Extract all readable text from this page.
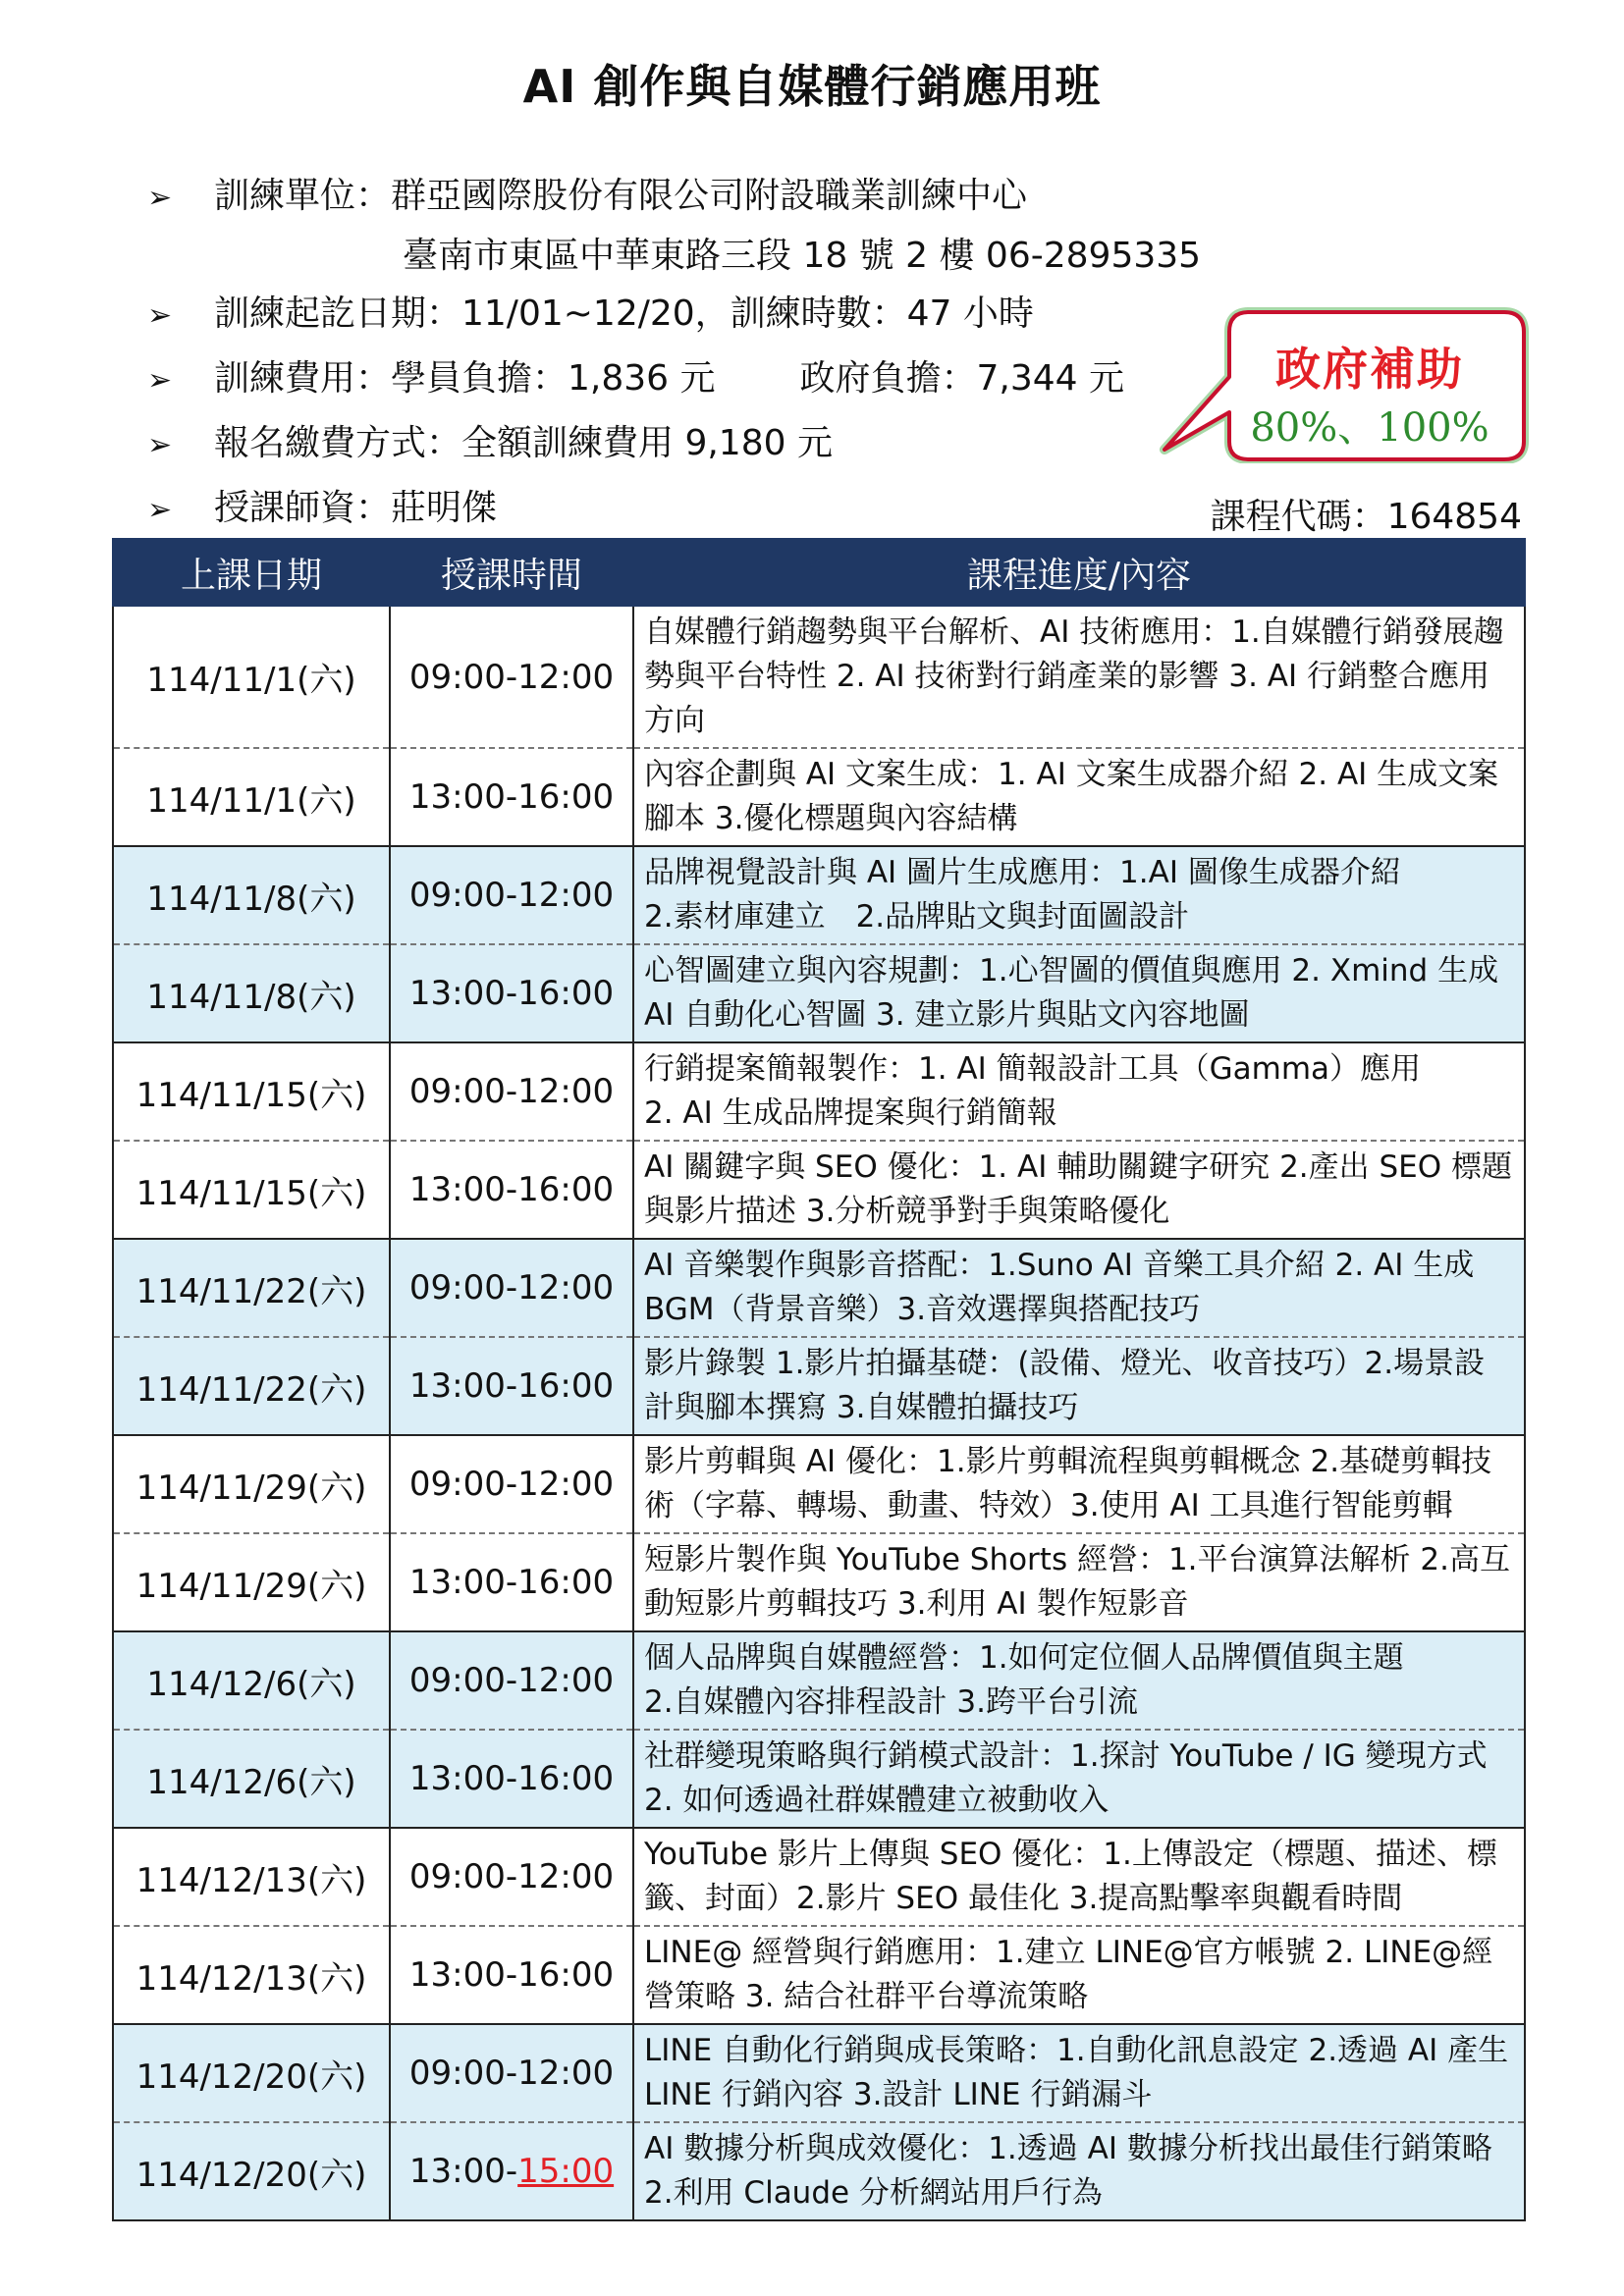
AI 創作與自媒體行銷應用班
➢ 訓練單位：群亞國際股份有限公司附設職業訓練中心
臺南市東區中華東路三段 18 號 2 樓 06-2895335
➢ 訓練起訖日期：11/01~12/20，訓練時數：47 小時
➢ 訓練費用：學員負擔：1,836 元 政府負擔：7,344 元
➢ 報名繳費方式：全額訓練費用 9,180 元
➢ 授課師資：莊明傑	課程代碼：164854
政府補助
80%、100%
上課日期	授課時間	課程進度/內容
114/11/1(六)	09:00-12:00	自媒體行銷趨勢與平台解析、AI 技術應用：1.自媒體行銷發展趨
勢與平台特性 2. AI 技術對行銷產業的影響 3. AI 行銷整合應用
方向

114/11/1(六)	13:00-16:00	內容企劃與 AI 文案生成：1. AI 文案生成器介紹 2. AI 生成文案
腳本 3.優化標題與內容結構

114/11/8(六)	09:00-12:00	品牌視覺設計與 AI 圖片生成應用：1.AI 圖像生成器介紹
2.素材庫建立　2.品牌貼文與封面圖設計

114/11/8(六)	13:00-16:00	心智圖建立與內容規劃：1.心智圖的價值與應用 2. Xmind 生成
AI 自動化心智圖 3. 建立影片與貼文內容地圖

114/11/15(六)	09:00-12:00	行銷提案簡報製作：1. AI 簡報設計工具（Gamma）應用
2. AI 生成品牌提案與行銷簡報

114/11/15(六)	13:00-16:00	AI 關鍵字與 SEO 優化：1. AI 輔助關鍵字研究 2.產出 SEO 標題
與影片描述 3.分析競爭對手與策略優化

114/11/22(六)	09:00-12:00	AI 音樂製作與影音搭配：1.Suno AI 音樂工具介紹 2. AI 生成
BGM（背景音樂）3.音效選擇與搭配技巧

114/11/22(六)	13:00-16:00	影片錄製 1.影片拍攝基礎：(設備、燈光、收音技巧）2.場景設
計與腳本撰寫 3.自媒體拍攝技巧

114/11/29(六)	09:00-12:00	影片剪輯與 AI 優化：1.影片剪輯流程與剪輯概念 2.基礎剪輯技
術（字幕、轉場、動畫、特效）3.使用 AI 工具進行智能剪輯

114/11/29(六)	13:00-16:00	短影片製作與 YouTube Shorts 經營：1.平台演算法解析 2.高互
動短影片剪輯技巧 3.利用 AI 製作短影音

114/12/6(六)	09:00-12:00	個人品牌與自媒體經營：1.如何定位個人品牌價值與主題
2.自媒體內容排程設計 3.跨平台引流

114/12/6(六)	13:00-16:00	社群變現策略與行銷模式設計：1.探討 YouTube / IG 變現方式
2. 如何透過社群媒體建立被動收入

114/12/13(六)	09:00-12:00	YouTube 影片上傳與 SEO 優化：1.上傳設定（標題、描述、標
籤、封面）2.影片 SEO 最佳化 3.提高點擊率與觀看時間

114/12/13(六)	13:00-16:00	LINE@ 經營與行銷應用：1.建立 LINE@官方帳號 2. LINE@經
營策略 3. 結合社群平台導流策略

114/12/20(六)	09:00-12:00	LINE 自動化行銷與成長策略：1.自動化訊息設定 2.透過 AI 產生
LINE 行銷內容 3.設計 LINE 行銷漏斗

114/12/20(六)	13:00-15:00	AI 數據分析與成效優化：1.透過 AI 數據分析找出最佳行銷策略
2.利用 Claude 分析網站用戶行為
